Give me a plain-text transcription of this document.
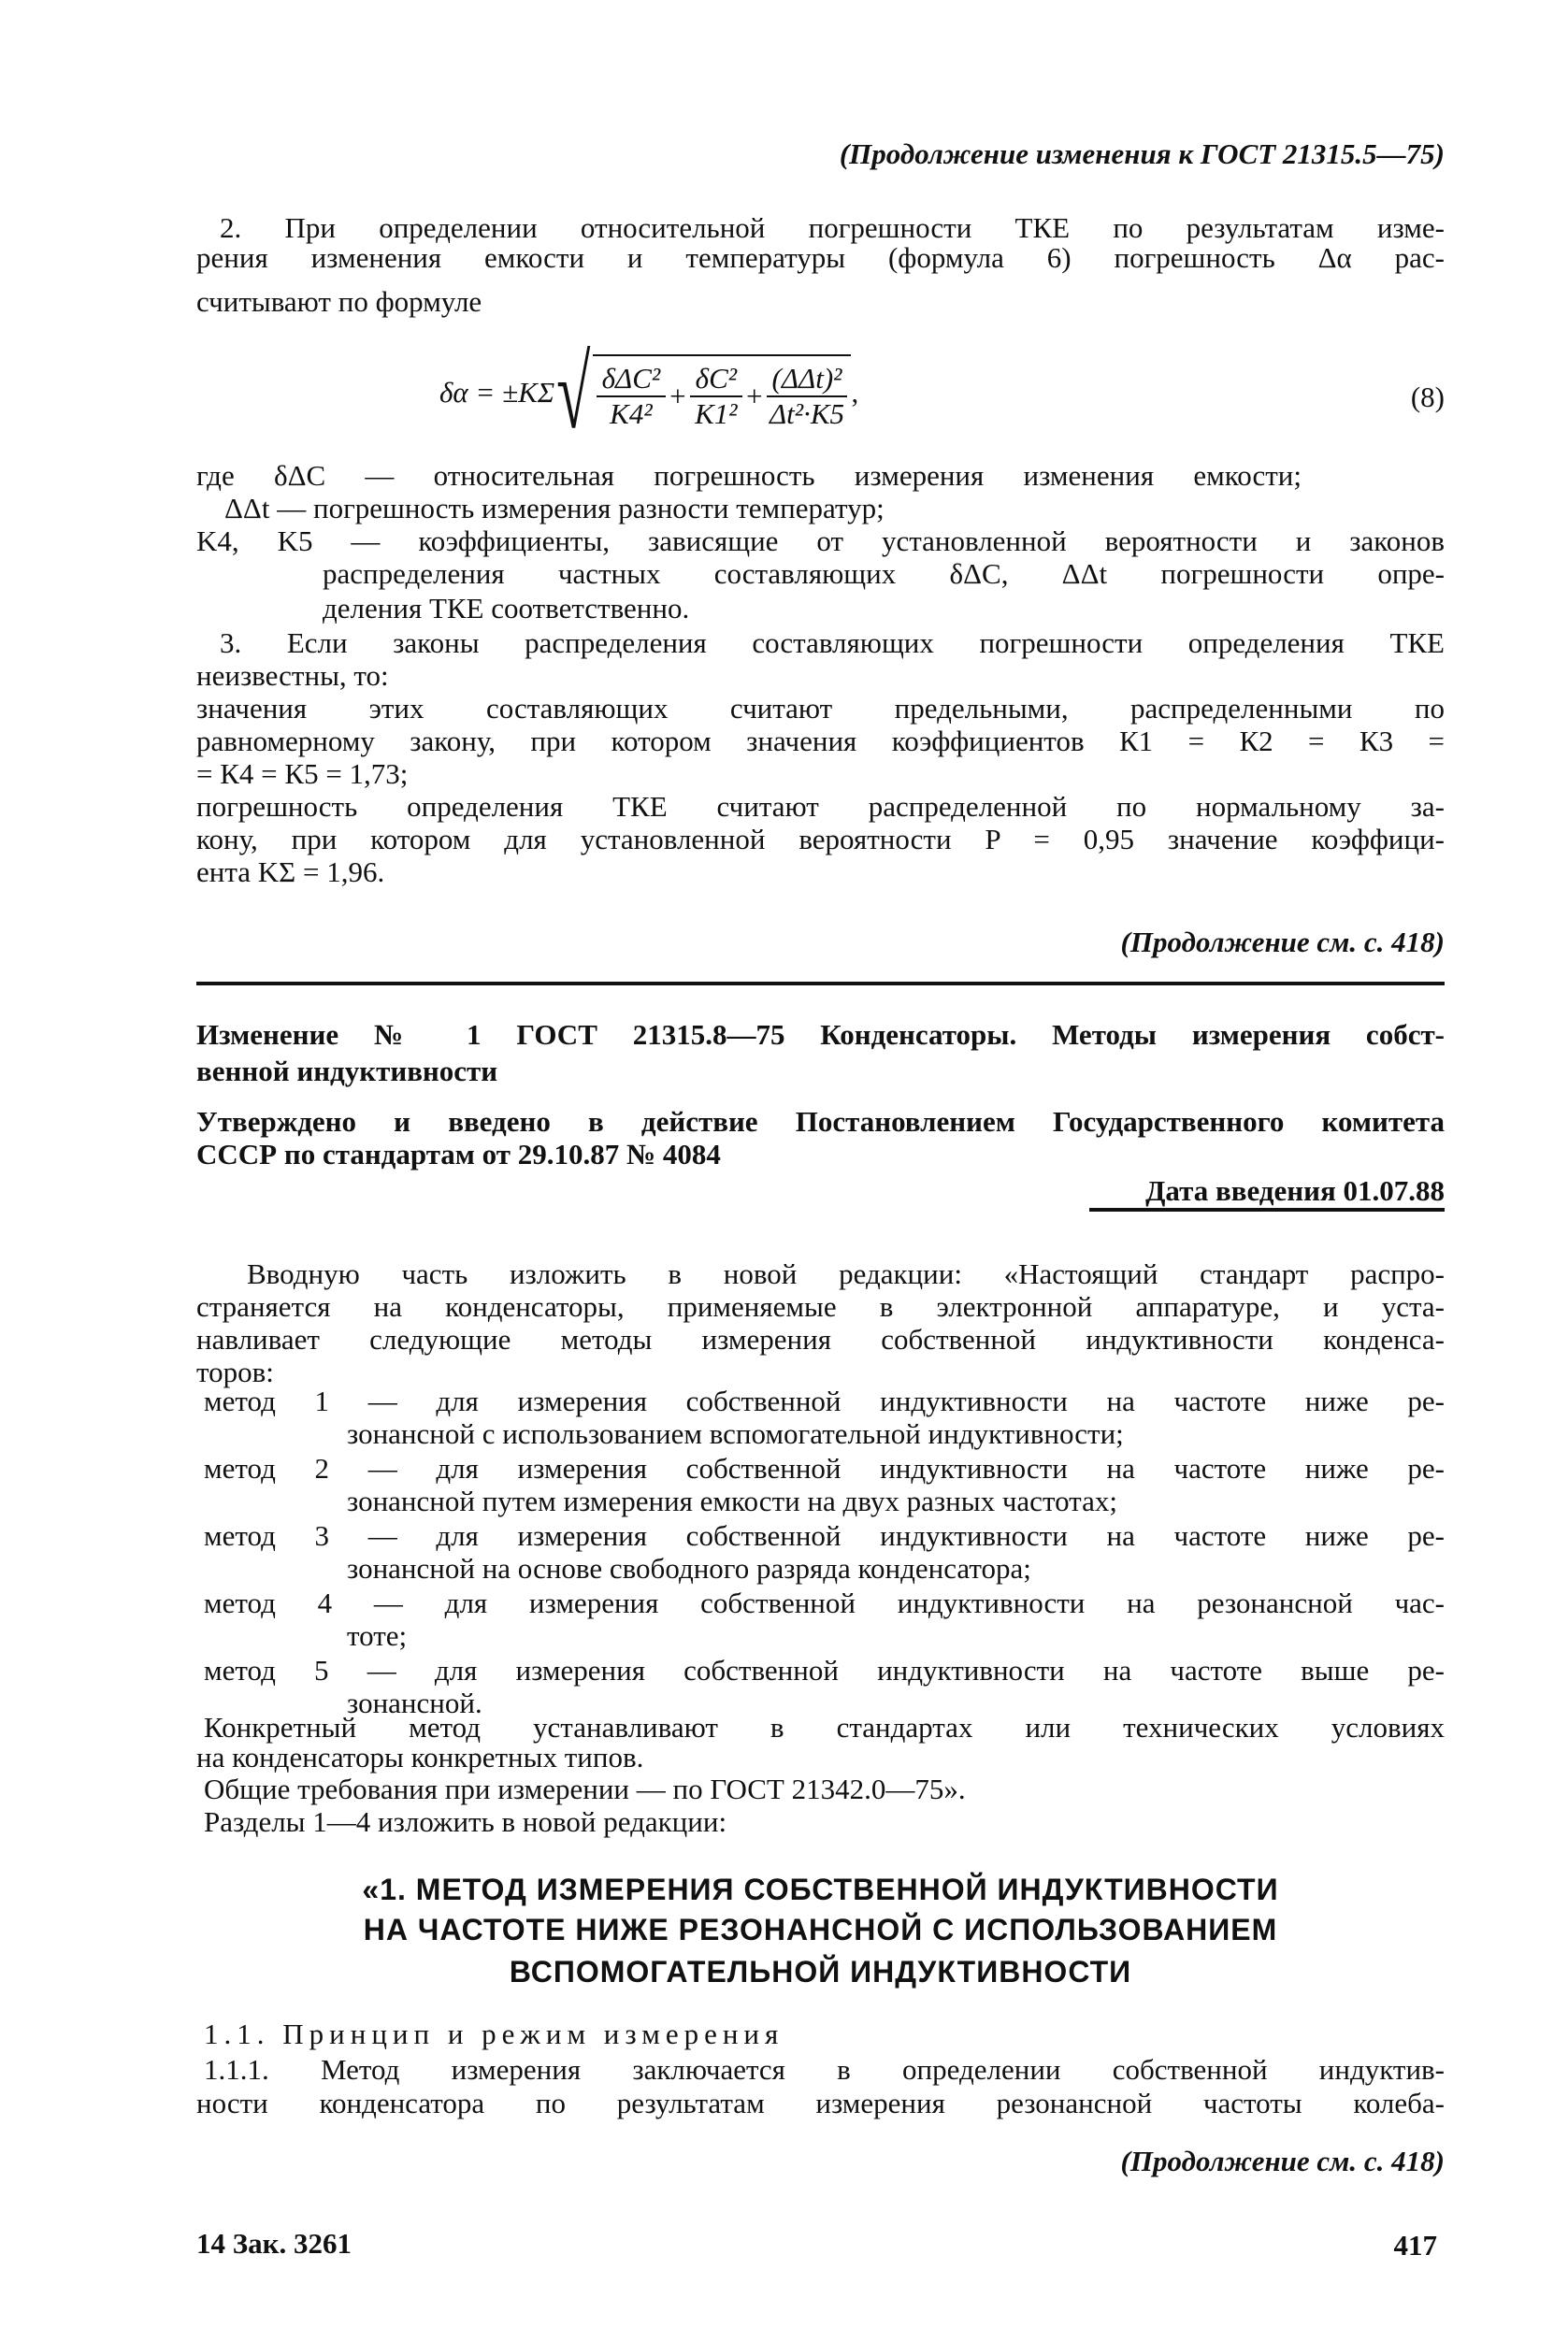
(Продолжение изменения к ГОСТ 21315.5—75)
2. При определении относительной погрешности ТКЕ по результатам изме-
рения изменения емкости и температуры (формула 6) погрешность Δα рас-
считывают по формуле
δα = ±KΣ √ $\frac{\text{δΔC²}}{\text{K4²}} + \frac{\text{δC²}}{\text{K1²}} + \frac{\text{(ΔΔt)²}}{\text{Δt²·K5}}$ ,	(8)
где δΔC — относительная погрешность измерения изменения емкости;
ΔΔt — погрешность измерения разности температур;
K4, K5 — коэффициенты, зависящие от установленной вероятности и законов
распределения частных составляющих δΔC, ΔΔt погрешности опре-
деления ТКЕ соответственно.
3. Если законы распределения составляющих погрешности определения ТКЕ
неизвестны, то:
значения этих составляющих считают предельными, распределенными по
равномерному закону, при котором значения коэффициентов К1 = К2 = К3 =
= К4 = К5 = 1,73;
погрешность определения ТКЕ считают распределенной по нормальному за-
кону, при котором для установленной вероятности P = 0,95 значение коэффици-
ента KΣ = 1,96.
(Продолжение см. с. 418)
Изменение № 1 ГОСТ 21315.8—75 Конденсаторы. Методы измерения собст-
венной индуктивности
Утверждено и введено в действие Постановлением Государственного комитета
СССР по стандартам от 29.10.87 № 4084
Дата введения 01.07.88
Вводную часть изложить в новой редакции: «Настоящий стандарт распро-
страняется на конденсаторы, применяемые в электронной аппаратуре, и уста-
навливает следующие методы измерения собственной индуктивности конденса-
торов:
метод 1 — для измерения собственной индуктивности на частоте ниже ре-
зонансной с использованием вспомогательной индуктивности;
метод 2 — для измерения собственной индуктивности на частоте ниже ре-
зонансной путем измерения емкости на двух разных частотах;
метод 3 — для измерения собственной индуктивности на частоте ниже ре-
зонансной на основе свободного разряда конденсатора;
метод 4 — для измерения собственной индуктивности на резонансной час-
тоте;
метод 5 — для измерения собственной индуктивности на частоте выше ре-
зонансной.
Конкретный метод устанавливают в стандартах или технических условиях
на конденсаторы конкретных типов.
Общие требования при измерении — по ГОСТ 21342.0—75».
Разделы 1—4 изложить в новой редакции:
«1. МЕТОД ИЗМЕРЕНИЯ СОБСТВЕННОЙ ИНДУКТИВНОСТИ
НА ЧАСТОТЕ НИЖЕ РЕЗОНАНСНОЙ С ИСПОЛЬЗОВАНИЕМ
ВСПОМОГАТЕЛЬНОЙ ИНДУКТИВНОСТИ
1.1. Принцип и режим измерения
1.1.1. Метод измерения заключается в определении собственной индуктив-
ности конденсатора по результатам измерения резонансной частоты колеба-
(Продолжение см. с. 418)
14 Зак. 3261	417
